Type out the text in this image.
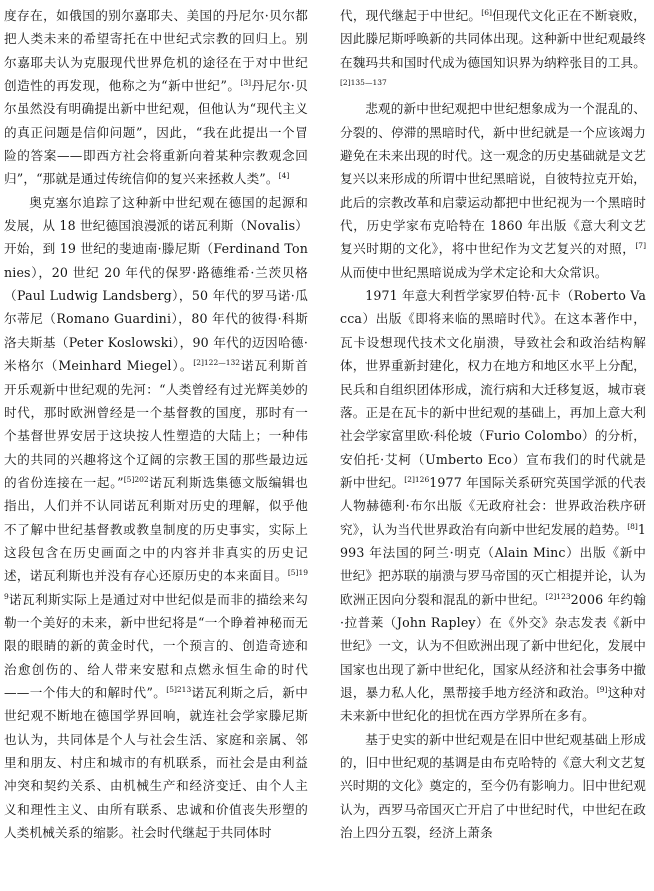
度存在，如俄国的别尔嘉耶夫、美国的丹尼尔·贝尔都把人类未来的希望寄托在中世纪式宗教的回归上。别尔嘉耶夫认为克服现代世界危机的途径在于对中世纪创造性的再发现，他称之为“新中世纪”。[3]丹尼尔·贝尔虽然没有明确提出新中世纪观，但他认为“现代主义的真正问题是信仰问题”，因此，“我在此提出一个冒险的答案——即西方社会将重新向着某种宗教观念回归”，“那就是通过传统信仰的复兴来拯救人类”。[4]

奥克塞尔追踪了这种新中世纪观在德国的起源和发展，从 18 世纪德国浪漫派的诺瓦利斯（Novalis）开始，到 19 世纪的斐迪南·滕尼斯（Ferdinand Tonnies），20 世纪 20 年代的保罗·路德维希·兰茨贝格（Paul Ludwig Landsberg），50 年代的罗马诺·瓜尔蒂尼（Romano Guardini），80 年代的彼得·科斯洛夫斯基（Peter Koslowski），90 年代的迈因哈德·米格尔（Meinhard Miegel）。$^{[2]122—132}$诺瓦利斯首开乐观新中世纪观的先河：“人类曾经有过光辉美妙的时代，那时欧洲曾经是一个基督教的国度，那时有一个基督世界安居于这块按人性塑造的大陆上；一种伟大的共同的兴趣将这个辽阔的宗教王国的那些最边远的省份连接在一起。”$^{[5]202}$诺瓦利斯选集德文版编辑也指出，人们并不认同诺瓦利斯对历史的理解，似乎他不了解中世纪基督教或教皇制度的历史事实，实际上这段包含在历史画面之中的内容并非真实的历史记述，诺瓦利斯也并没有存心还原历史的本来面目。$^{[5]199}$诺瓦利斯实际上是通过对中世纪似是而非的描绘来勾勒一个美好的未来，新中世纪将是“一个睁着神秘而无限的眼睛的新的黄金时代，一个预言的、创造奇迹和治愈创伤的、给人带来安慰和点燃永恒生命的时代——一个伟大的和解时代”。$^{[5]213}$诺瓦利斯之后，新中世纪观不断地在德国学界回响，就连社会学家滕尼斯也认为，共同体是个人与社会生活、家庭和亲属、邻里和朋友、村庄和城市的有机联系，而社会是由利益冲突和契约关系、由机械生产和经济变迁、由个人主义和理性主义、由所有联系、忠诚和价值丧失形塑的人类机械关系的缩影。社会时代继起于共同体时

代，现代继起于中世纪。[6]但现代文化正在不断衰败，因此滕尼斯呼唤新的共同体出现。这种新中世纪观最终在魏玛共和国时代成为德国知识界为纳粹张目的工具。$^{[2]135—137}$

悲观的新中世纪观把中世纪想象成为一个混乱的、分裂的、停滞的黑暗时代，新中世纪就是一个应该竭力避免在未来出现的时代。这一观念的历史基础就是文艺复兴以来形成的所谓中世纪黑暗说，自彼特拉克开始，此后的宗教改革和启蒙运动都把中世纪视为一个黑暗时代，历史学家布克哈特在 1860 年出版《意大利文艺复兴时期的文化》，将中世纪作为文艺复兴的对照，[7]从而使中世纪黑暗说成为学术定论和大众常识。

1971 年意大利哲学家罗伯特·瓦卡（Roberto Vacca）出版《即将来临的黑暗时代》。在这本著作中，瓦卡设想现代技术文化崩溃，导致社会和政治结构解体，世界重新封建化，权力在地方和地区水平上分配，民兵和自组织团体形成，流行病和大迁移复返，城市衰落。正是在瓦卡的新中世纪观的基础上，再加上意大利社会学家富里欧·科伦坡（Furio Colombo）的分析，安伯托·艾柯（Umberto Eco）宣布我们的时代就是新中世纪。$^{[2]126}$1977 年国际关系研究英国学派的代表人物赫德利·布尔出版《无政府社会：世界政治秩序研究》，认为当代世界政治有向新中世纪发展的趋势。[8]1993 年法国的阿兰·明克（Alain Minc）出版《新中世纪》把苏联的崩溃与罗马帝国的灭亡相提并论，认为欧洲正因向分裂和混乱的新中世纪。$^{[2]123}$2006 年约翰·拉普莱（John Rapley）在《外交》杂志发表《新中世纪》一文，认为不但欧洲出现了新中世纪化，发展中国家也出现了新中世纪化，国家从经济和社会事务中撤退，暴力私人化，黑帮接手地方经济和政治。[9]这种对未来新中世纪化的担忧在西方学界所在多有。

基于史实的新中世纪观是在旧中世纪观基础上形成的，旧中世纪观的基调是由布克哈特的《意大利文艺复兴时期的文化》奠定的，至今仍有影响力。旧中世纪观认为，西罗马帝国灭亡开启了中世纪时代，中世纪在政治上四分五裂，经济上萧条
